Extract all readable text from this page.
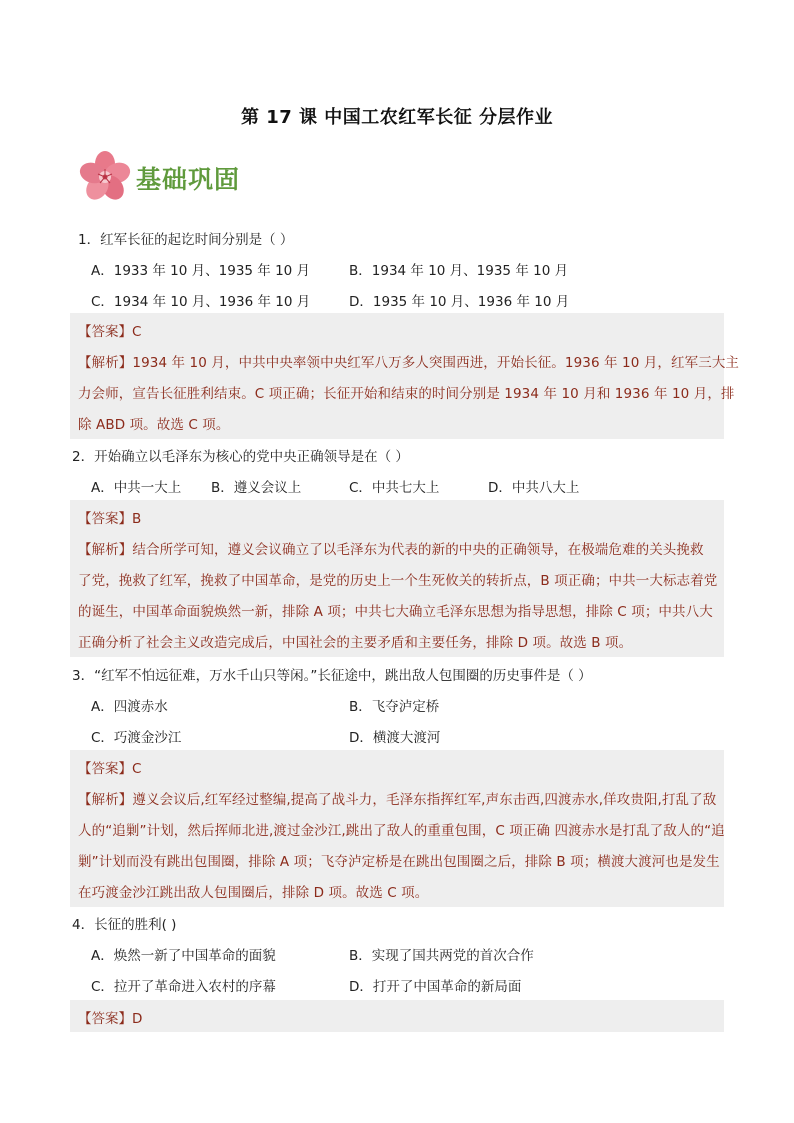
第 17 课 中国工农红军长征 分层作业
基础巩固
1．红军长征的起讫时间分别是（ ）
A．1933 年 10 月、1935 年 10 月	B．1934 年 10 月、1935 年 10 月
C．1934 年 10 月、1936 年 10 月	D．1935 年 10 月、1936 年 10 月
【答案】C
【解析】1934 年 10 月，中共中央率领中央红军八万多人突围西进，开始长征。1936 年 10 月，红军三大主
力会师，宣告长征胜利结束。C 项正确；长征开始和结束的时间分别是 1934 年 10 月和 1936 年 10 月，排
除 ABD 项。故选 C 项。
2．开始确立以毛泽东为核心的党中央正确领导是在（ ）
A．中共一大上 B．遵义会议上	C．中共七大上	D．中共八大上
【答案】B
【解析】结合所学可知，遵义会议确立了以毛泽东为代表的新的中央的正确领导，在极端危难的关头挽救
了党，挽救了红军，挽救了中国革命，是党的历史上一个生死攸关的转折点，B 项正确；中共一大标志着党
的诞生，中国革命面貌焕然一新，排除 A 项；中共七大确立毛泽东思想为指导思想，排除 C 项；中共八大
正确分析了社会主义改造完成后，中国社会的主要矛盾和主要任务，排除 D 项。故选 B 项。
3．“红军不怕远征难，万水千山只等闲。”长征途中，跳出敌人包围圈的历史事件是（ ）
A．四渡赤水	B．飞夺泸定桥
C．巧渡金沙江	D．横渡大渡河
【答案】C
【解析】遵义会议后,红军经过整编,提高了战斗力，毛泽东指挥红军,声东击西,四渡赤水,佯攻贵阳,打乱了敌
人的“追剿”计划，然后挥师北进,渡过金沙江,跳出了敌人的重重包围，C 项正确 四渡赤水是打乱了敌人的“追
剿”计划而没有跳出包围圈，排除 A 项；飞夺泸定桥是在跳出包围圈之后，排除 B 项；横渡大渡河也是发生
在巧渡金沙江跳出敌人包围圈后，排除 D 项。故选 C 项。
4．长征的胜利( )
A．焕然一新了中国革命的面貌	B．实现了国共两党的首次合作
C．拉开了革命进入农村的序幕	D．打开了中国革命的新局面
【答案】D
